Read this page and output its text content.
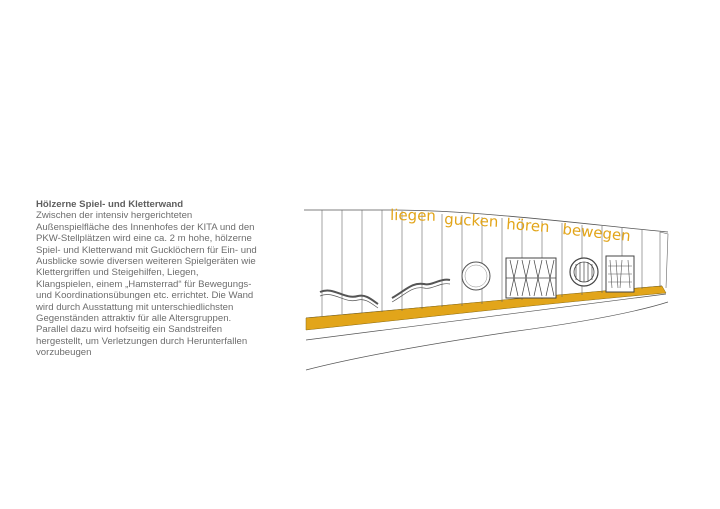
Hölzerne Spiel- und Kletterwand

Zwischen der intensiv hergerichteten
Außenspielfläche des Innenhofes der KITA und den
PKW-Stellplätzen wird eine ca. 2 m hohe, hölzerne
Spiel- und Kletterwand mit Gucklöchern für Ein- und
Ausblicke sowie diversen weiteren Spielgeräten wie
Klettergriffen und Steigehilfen, Liegen,
Klangspielen, einem „Hamsterrad“ für Bewegungs-
und Koordinationsübungen etc. errichtet. Die Wand
wird durch Ausstattung mit unterschiedlichsten
Gegenständen attraktiv für alle Altersgruppen.
Parallel dazu wird hofseitig ein Sandstreifen
hergestellt, um Verletzungen durch Herunterfallen
vorzubeugen

liegen gucken hören bewegen
